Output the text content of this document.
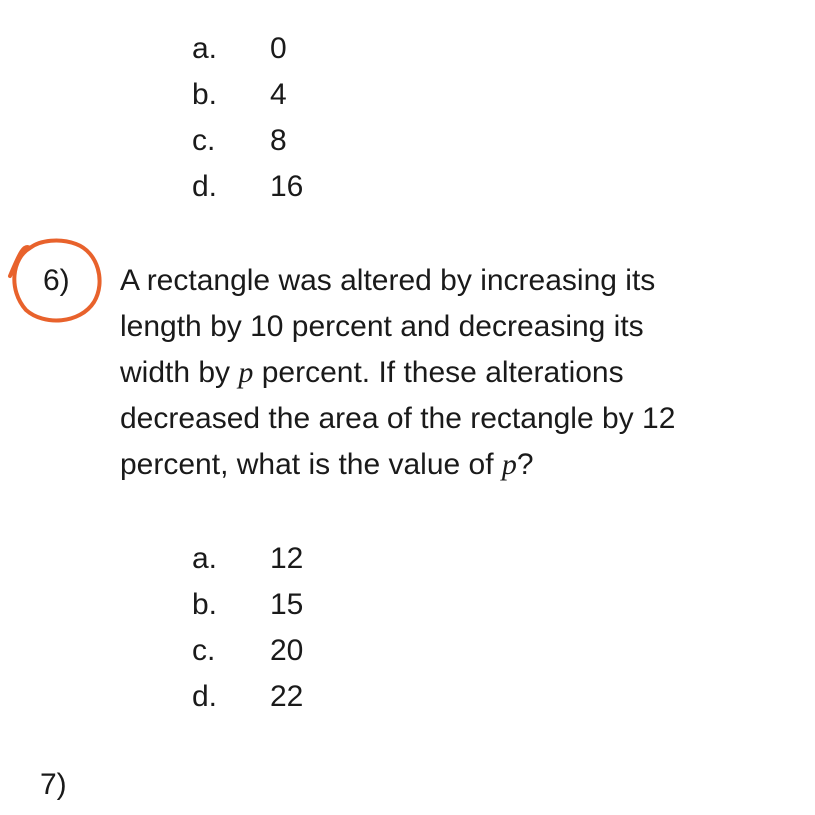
a. 0
b. 4
c. 8
d. 16
6) A rectangle was altered by increasing its
length by 10 percent and decreasing its
width by p percent. If these alterations
decreased the area of the rectangle by 12
percent, what is the value of p?

a. 12
b. 15
c. 20
d. 22
7)
